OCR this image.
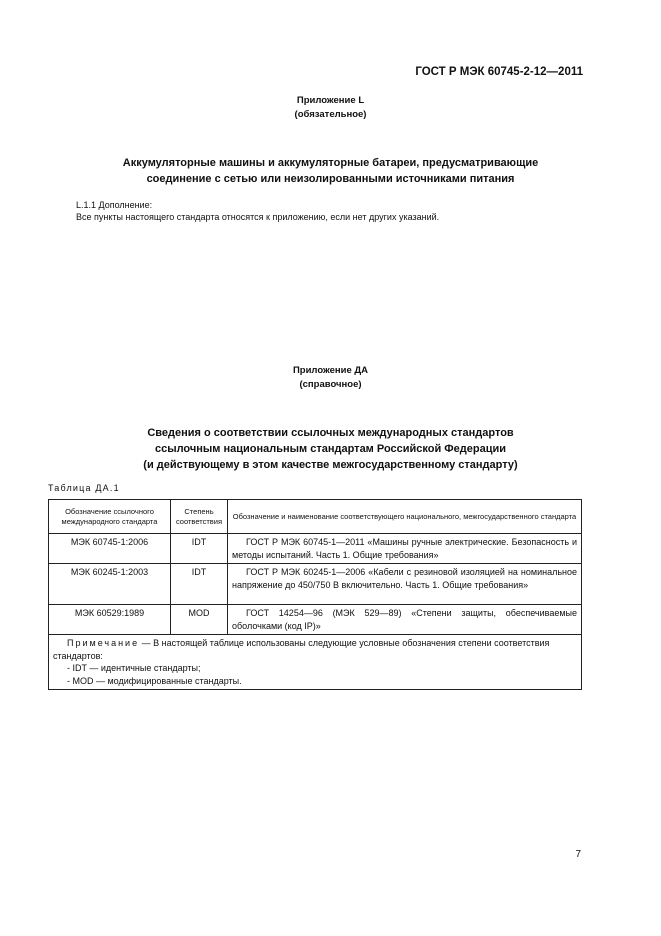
ГОСТ Р МЭК 60745-2-12—2011
Приложение L
(обязательное)
Аккумуляторные машины и аккумуляторные батареи, предусматривающие
соединение с сетью или неизолированными источниками питания
L.1.1 Дополнение:
Все пункты настоящего стандарта относятся к приложению, если нет других указаний.
Приложение ДА
(справочное)
Сведения о соответствии ссылочных международных стандартов
ссылочным национальным стандартам Российской Федерации
(и действующему в этом качестве межгосударственному стандарту)
Таблица ДА.1
Обозначение ссылочного международного стандарта	Степень соответствия	Обозначение и наименование соответствующего национального, межгосударственного стандарта
МЭК 60745-1:2006	IDT	ГОСТ Р МЭК 60745-1—2011 «Машины ручные электрические. Безопасность и методы испытаний. Часть 1. Общие требования»
МЭК 60245-1:2003	IDT	ГОСТ Р МЭК 60245-1—2006 «Кабели с резиновой изоляцией на номинальное напряжение до 450/750 В включительно. Часть 1. Общие требования»
МЭК 60529:1989	MOD	ГОСТ 14254—96 (МЭК 529—89) «Степени защиты, обеспечиваемые оболочками (код IP)»

Примечание — В настоящей таблице использованы следующие условные обозначения степени соответствия стандартов:
- IDT — идентичные стандарты;
- MOD — модифицированные стандарты.		
7
